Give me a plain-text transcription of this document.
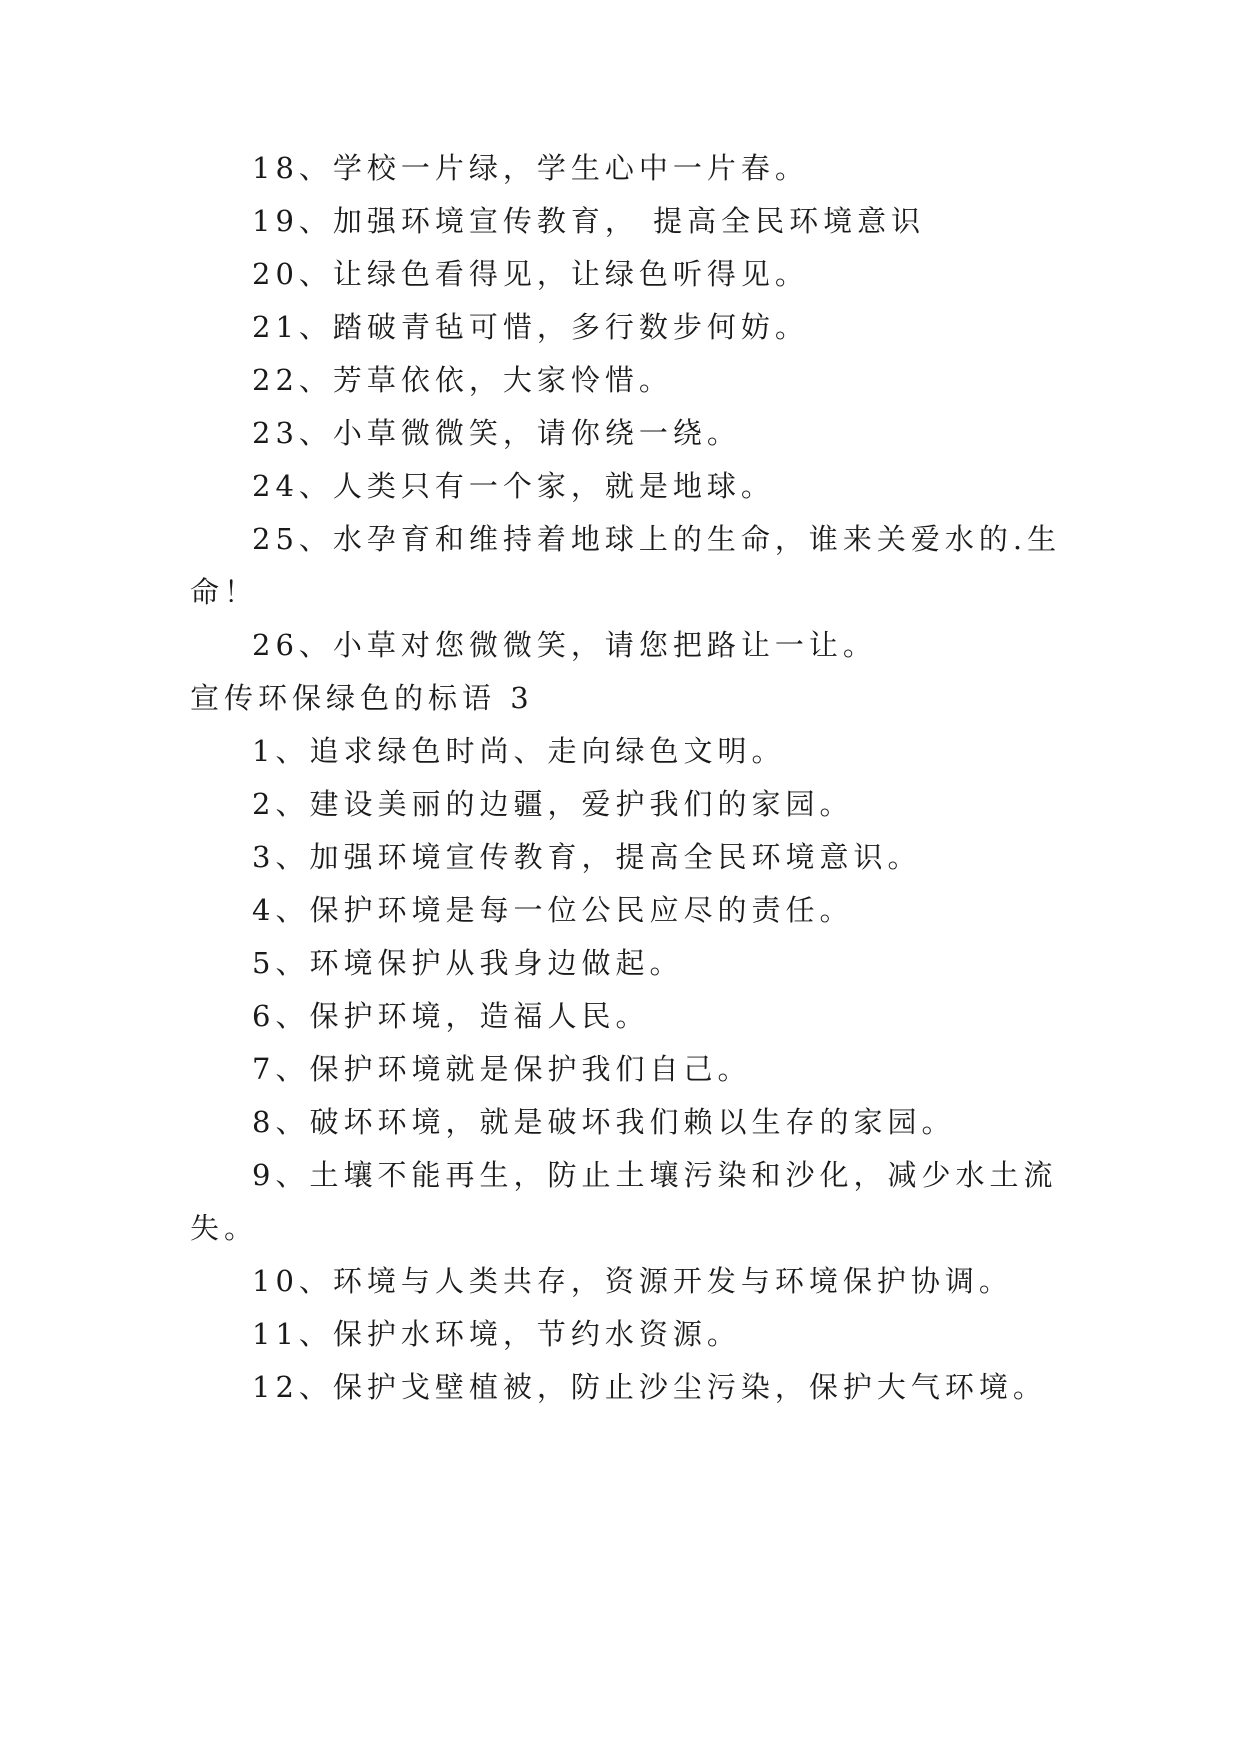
18、学校一片绿，学生心中一片春。
19、加强环境宣传教育， 提高全民环境意识
20、让绿色看得见，让绿色听得见。
21、踏破青毡可惜，多行数步何妨。
22、芳草依依，大家怜惜。
23、小草微微笑，请你绕一绕。
24、人类只有一个家，就是地球。
25、水孕育和维持着地球上的生命，谁来关爱水的.生
命！
26、小草对您微微笑，请您把路让一让。
宣传环保绿色的标语 3
1、追求绿色时尚、走向绿色文明。
2、建设美丽的边疆，爱护我们的家园。
3、加强环境宣传教育，提高全民环境意识。
4、保护环境是每一位公民应尽的责任。
5、环境保护从我身边做起。
6、保护环境，造福人民。
7、保护环境就是保护我们自己。
8、破坏环境，就是破坏我们赖以生存的家园。
9、土壤不能再生，防止土壤污染和沙化，减少水土流
失。
10、环境与人类共存，资源开发与环境保护协调。
11、保护水环境，节约水资源。
12、保护戈壁植被，防止沙尘污染，保护大气环境。
